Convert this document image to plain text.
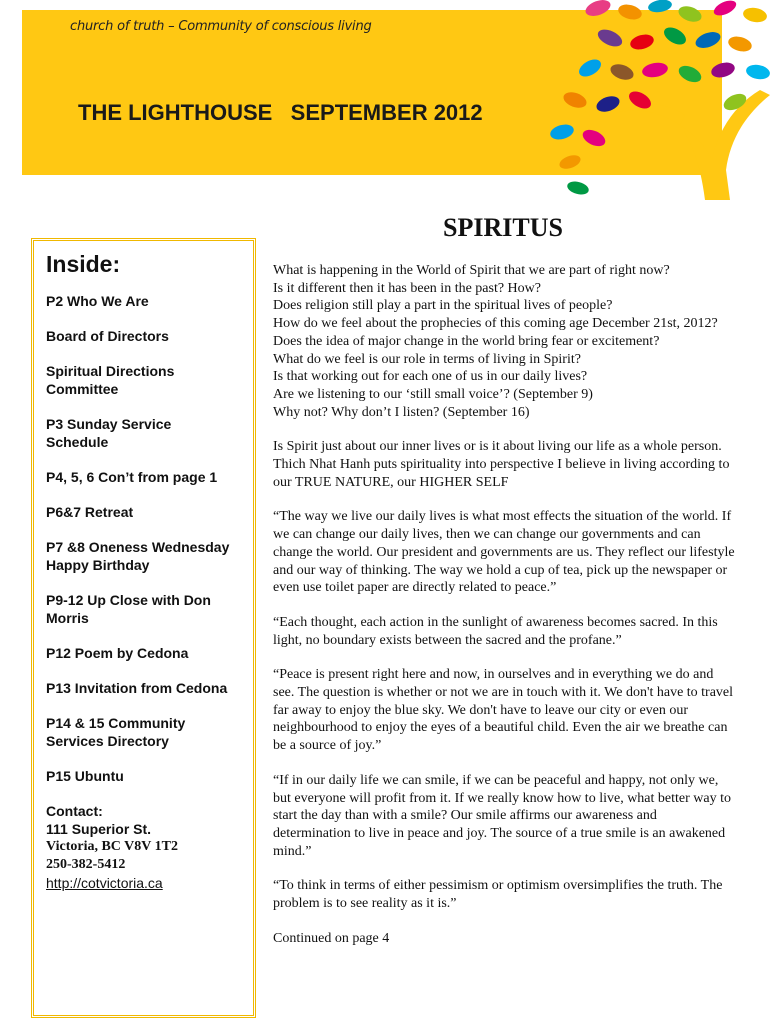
church of truth – Community of conscious living
THE LIGHTHOUSE   SEPTEMBER 2012
Inside:
P2 Who We Are
Board of Directors
Spiritual Directions Committee
P3 Sunday Service Schedule
P4, 5, 6 Con’t from page 1
P6&7 Retreat
P7 &8 Oneness Wednesday Happy Birthday
P9-12 Up Close with Don Morris
P12 Poem by Cedona
P13 Invitation from Cedona
P14 & 15 Community Services Directory
P15 Ubuntu
Contact:
111 Superior St.
Victoria, BC V8V 1T2
250-382-5412
http://cotvictoria.ca
SPIRITUS

What is happening in the World of Spirit that we are part of right now?
Is it different then it has been in the past? How?
Does religion still play a part in the spiritual lives of people?
How do we feel about the prophecies of this coming age December 21st, 2012?
Does the idea of major change in the world bring fear or excitement?
What do we feel is our role in terms of living in Spirit?
Is that working out for each one of us in our daily lives?
Are we listening to our ‘still small voice’? (September 9)
Why not? Why don’t I listen? (September 16)

Is Spirit just about our inner lives or is it about living our life as a whole person. Thich Nhat Hanh puts spirituality into perspective I believe in living according to our TRUE NATURE, our HIGHER SELF

“The way we live our daily lives is what most effects the situation of the world. If we can change our daily lives, then we can change our governments and can change the world. Our president and governments are us. They reflect our lifestyle and our way of thinking. The way we hold a cup of tea, pick up the newspaper or even use toilet paper are directly related to peace.”

“Each thought, each action in the sunlight of awareness becomes sacred. In this light, no boundary exists between the sacred and the profane.”

“Peace is present right here and now, in ourselves and in everything we do and see. The question is whether or not we are in touch with it. We don't have to travel far away to enjoy the blue sky. We don't have to leave our city or even our neighbourhood to enjoy the eyes of a beautiful child. Even the air we breathe can be a source of joy.”

“If in our daily life we can smile, if we can be peaceful and happy, not only we, but everyone will profit from it. If we really know how to live, what better way to start the day than with a smile? Our smile affirms our awareness and determination to live in peace and joy. The source of a true smile is an awakened mind.”

“To think in terms of either pessimism or optimism oversimplifies the truth. The problem is to see reality as it is.”

Continued on page 4
